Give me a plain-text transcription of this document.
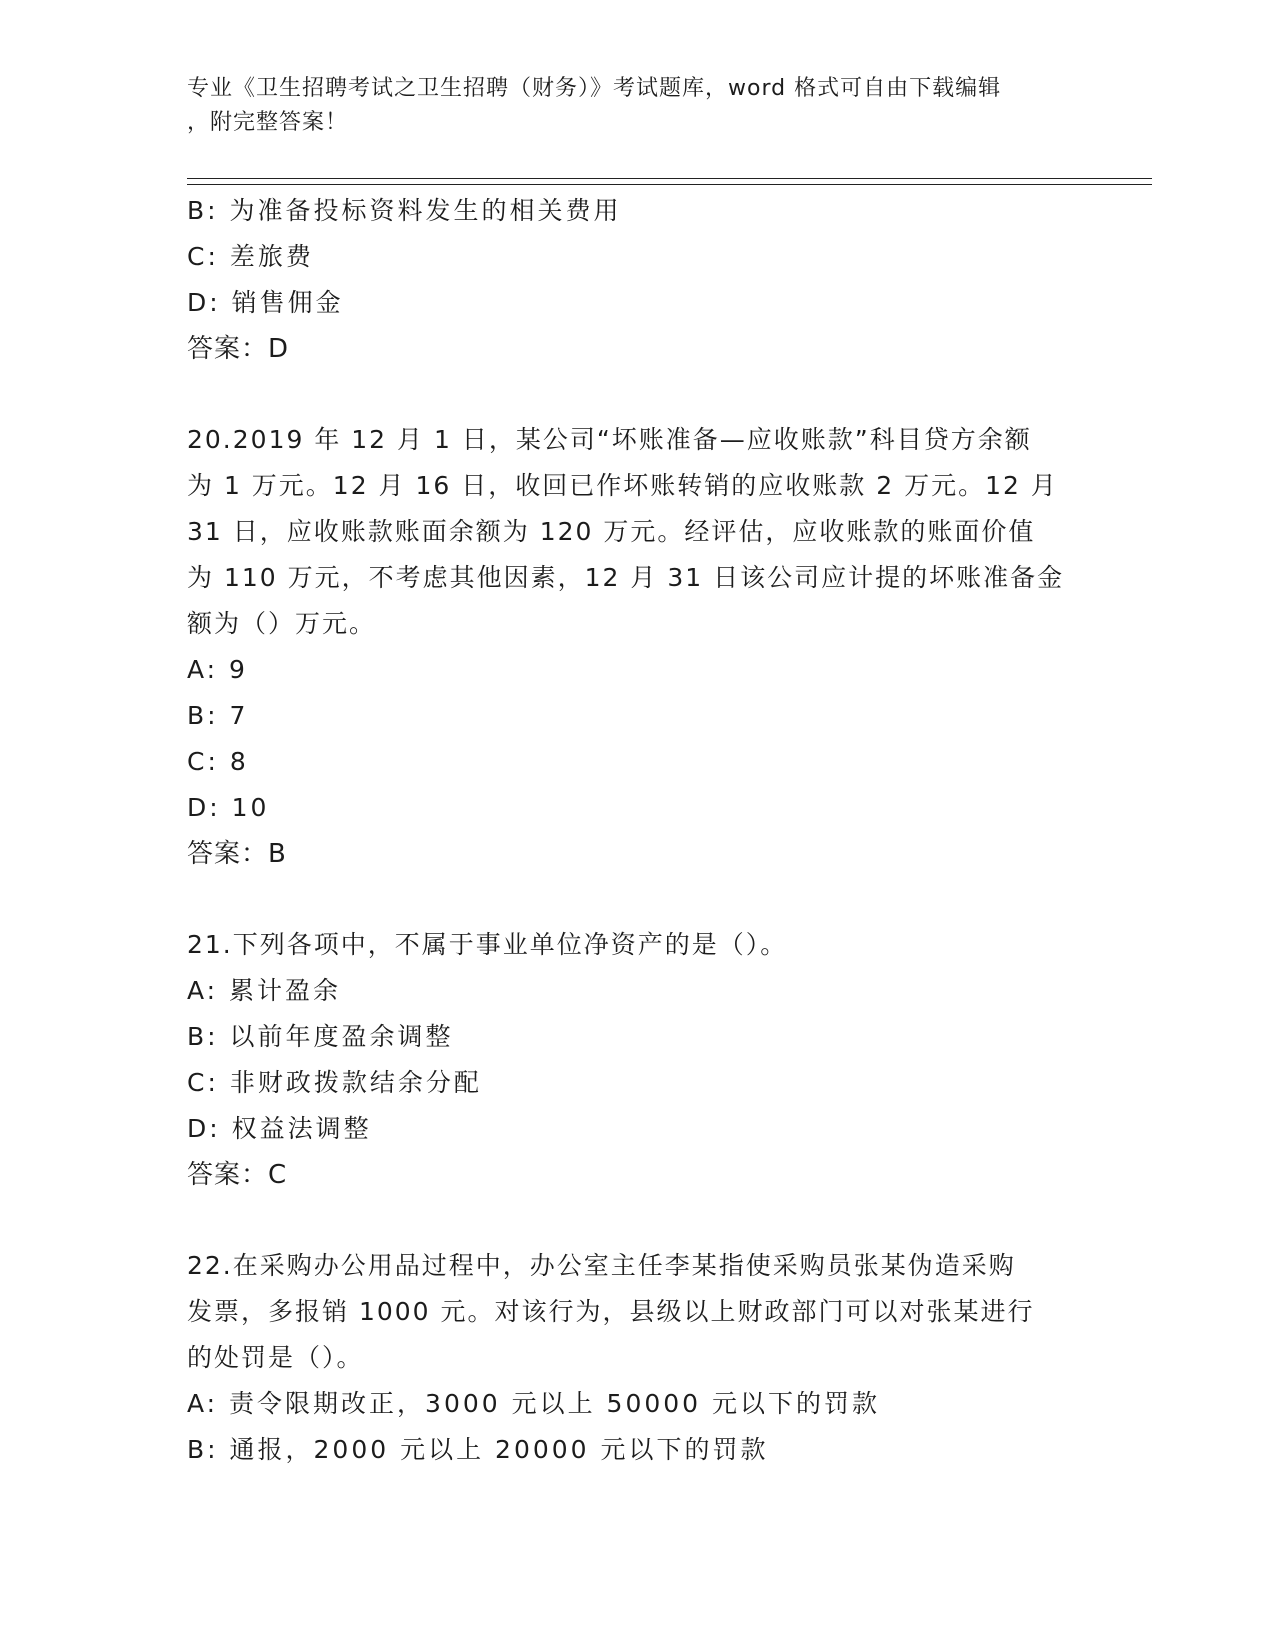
专业《卫生招聘考试之卫生招聘（财务）》考试题库，word 格式可自由下载编辑
，附完整答案！
B: 为准备投标资料发生的相关费用
C: 差旅费
D: 销售佣金
答案：D
20.2019 年 12 月 1 日，某公司“坏账准备—应收账款”科目贷方余额
为 1 万元。12 月 16 日，收回已作坏账转销的应收账款 2 万元。12 月
31 日，应收账款账面余额为 120 万元。经评估，应收账款的账面价值
为 110 万元，不考虑其他因素，12 月 31 日该公司应计提的坏账准备金
额为（）万元。
A: 9
B: 7
C: 8
D: 10
答案：B
21.下列各项中，不属于事业单位净资产的是（）。
A: 累计盈余
B: 以前年度盈余调整
C: 非财政拨款结余分配
D: 权益法调整
答案：C
22.在采购办公用品过程中，办公室主任李某指使采购员张某伪造采购
发票，多报销 1000 元。对该行为，县级以上财政部门可以对张某进行
的处罚是（）。
A: 责令限期改正，3000 元以上 50000 元以下的罚款
B: 通报，2000 元以上 20000 元以下的罚款
